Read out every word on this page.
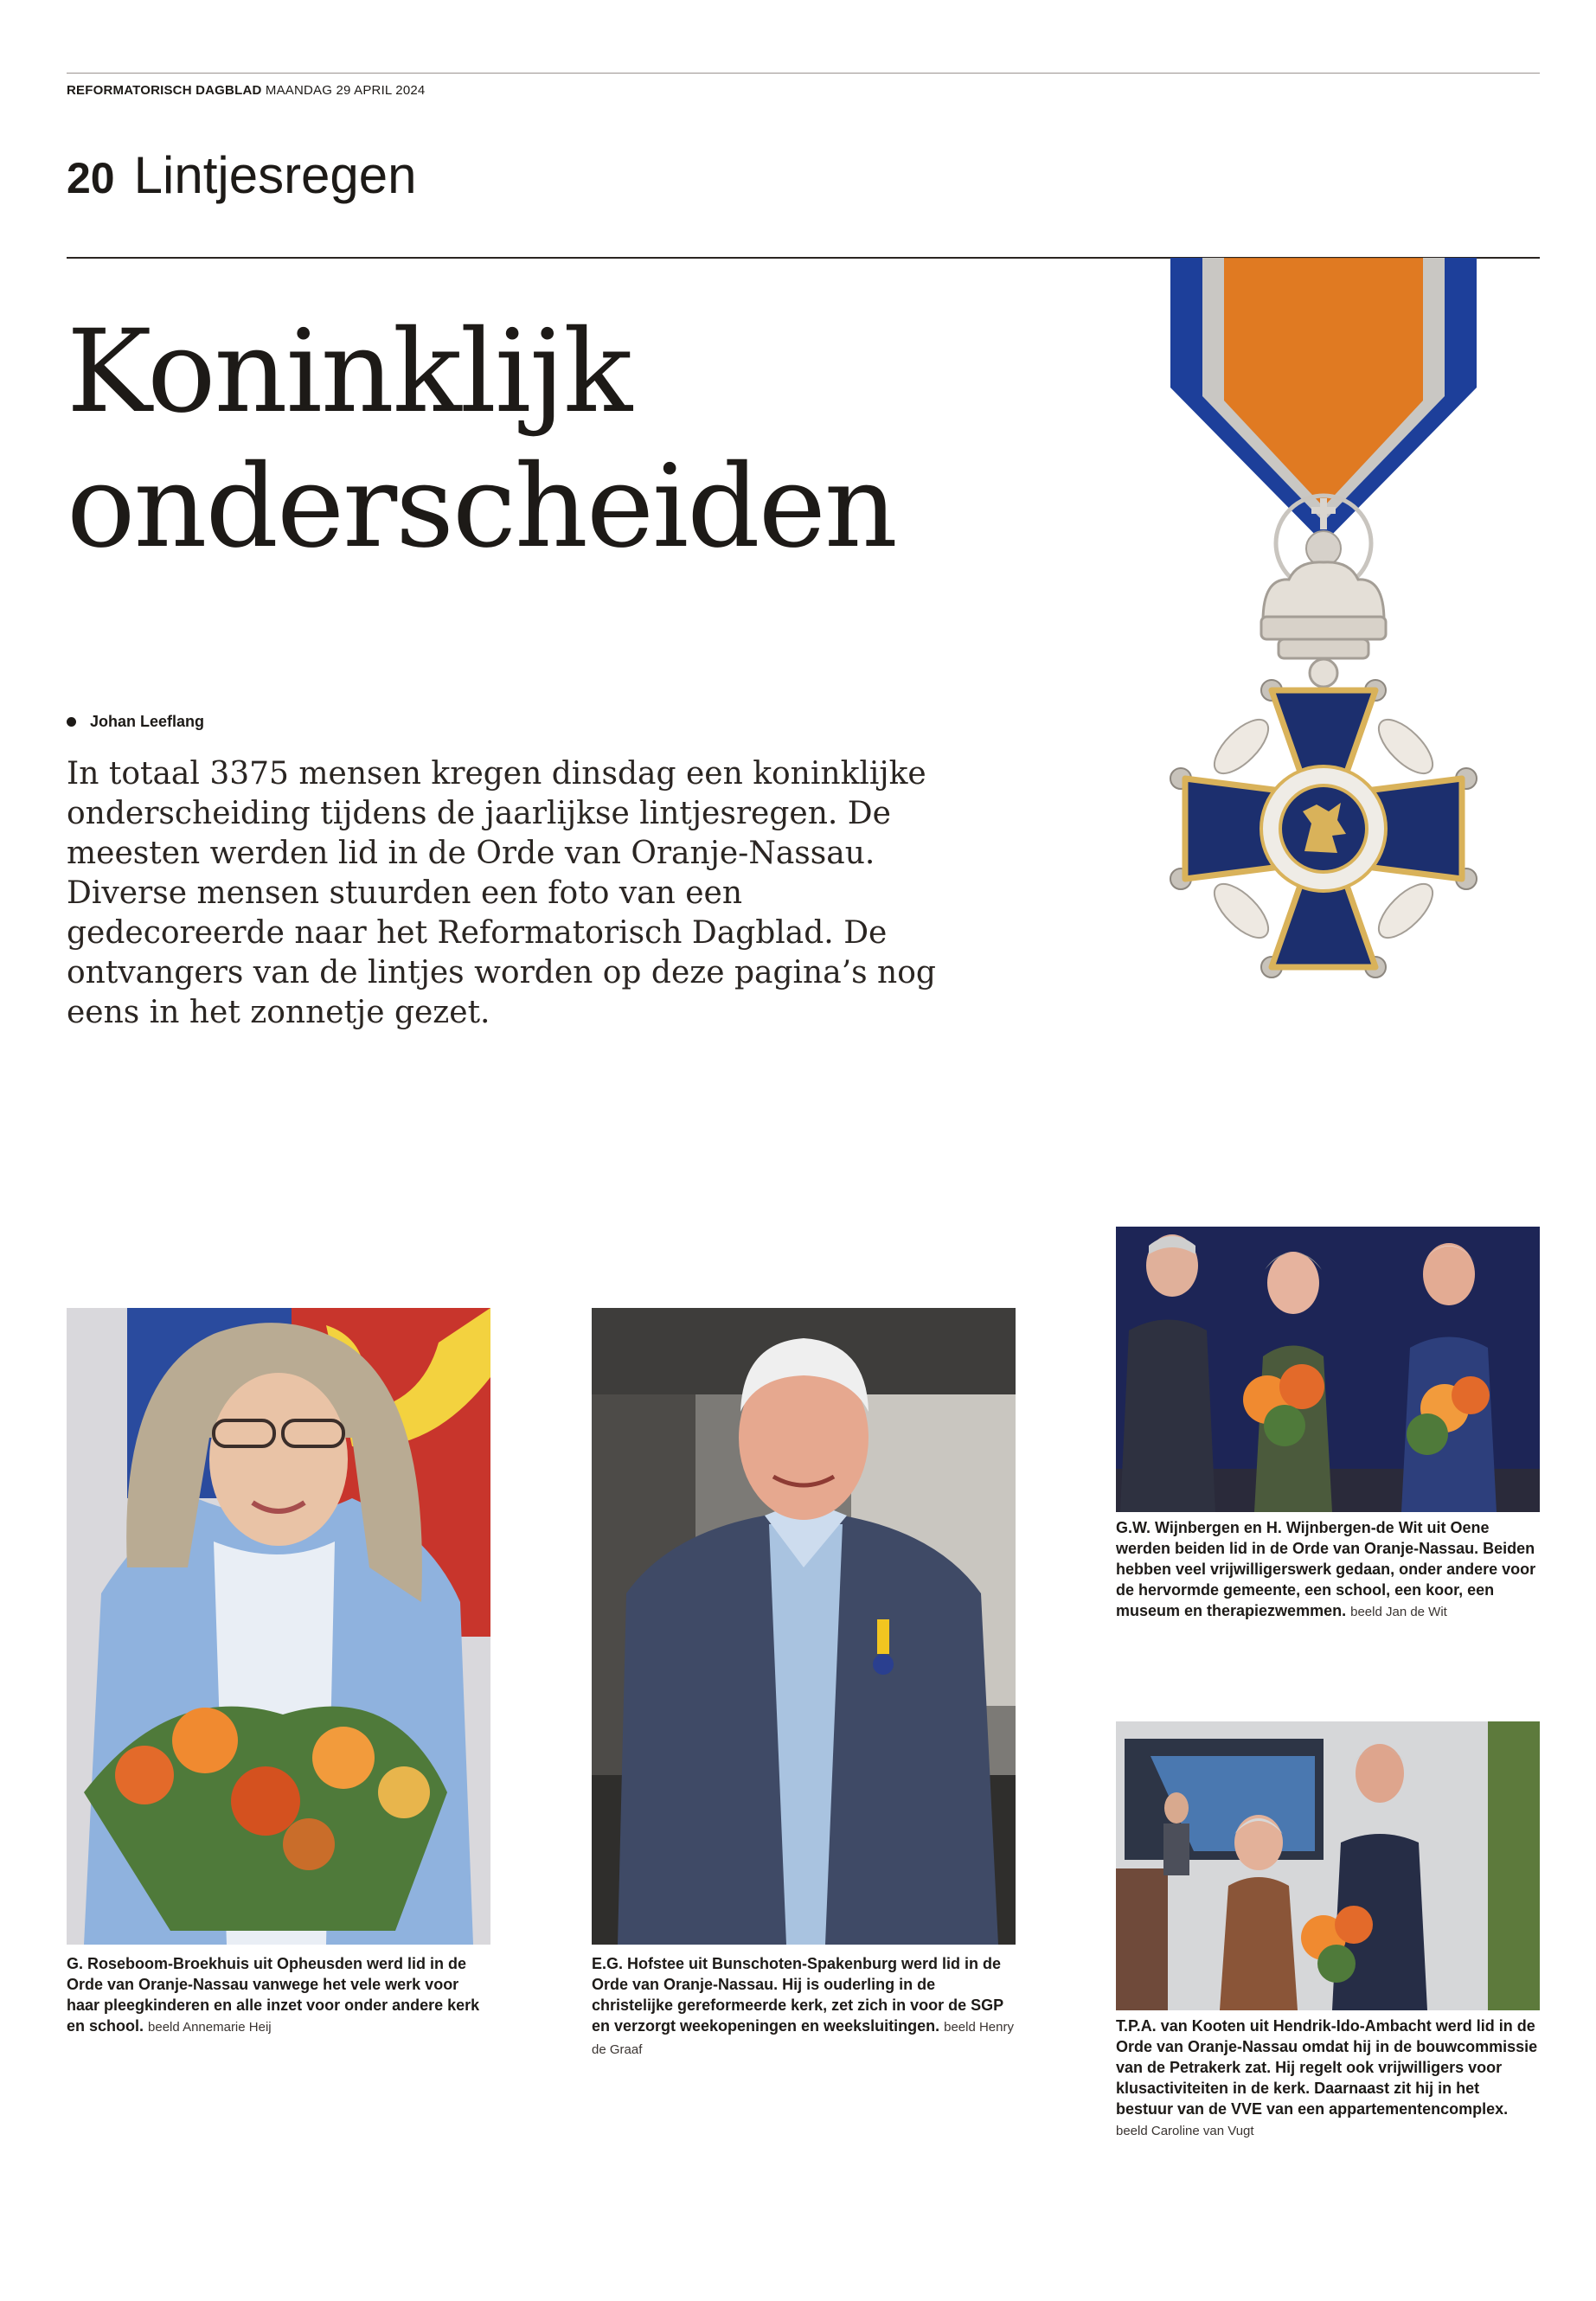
REFORMATORISCH DAGBLAD MAANDAG 29 APRIL 2024
20 Lintjesregen
Koninklijk
onderscheiden
Johan Leeflang

In totaal 3375 mensen kregen dinsdag een koninklijke onderscheiding tijdens de jaarlijkse lintjesregen. De meesten werden lid in de Orde van Oranje-Nassau. Diverse mensen stuurden een foto van een gedecoreerde naar het Reformatorisch Dagblad. De ontvangers van de lintjes worden op deze pagina’s nog eens in het zonnetje gezet.

G. Roseboom-Broekhuis uit Opheusden werd lid in de Orde van Oranje-Nassau vanwege het vele werk voor haar pleegkinderen en alle inzet voor onder andere kerk en school. beeld Annemarie Heij
E.G. Hofstee uit Bunschoten-Spakenburg werd lid in de Orde van Oranje-Nassau. Hij is ouderling in de christelijke gereformeerde kerk, zet zich in voor de SGP en verzorgt weekopeningen en weeksluitingen. beeld Henry de Graaf
G.W. Wijnbergen en H. Wijnbergen-de Wit uit Oene werden beiden lid in de Orde van Oranje-Nassau. Beiden hebben veel vrijwilligerswerk gedaan, onder andere voor de hervormde gemeente, een school, een koor, een museum en therapiezwemmen. beeld Jan de Wit
T.P.A. van Kooten uit Hendrik-Ido-Ambacht werd lid in de Orde van Oranje-Nassau omdat hij in de bouwcommissie van de Petrakerk zat. Hij regelt ook vrijwilligers voor klusactiviteiten in de kerk. Daarnaast zit hij in het bestuur van de VVE van een appartementencomplex. beeld Caroline van Vugt
